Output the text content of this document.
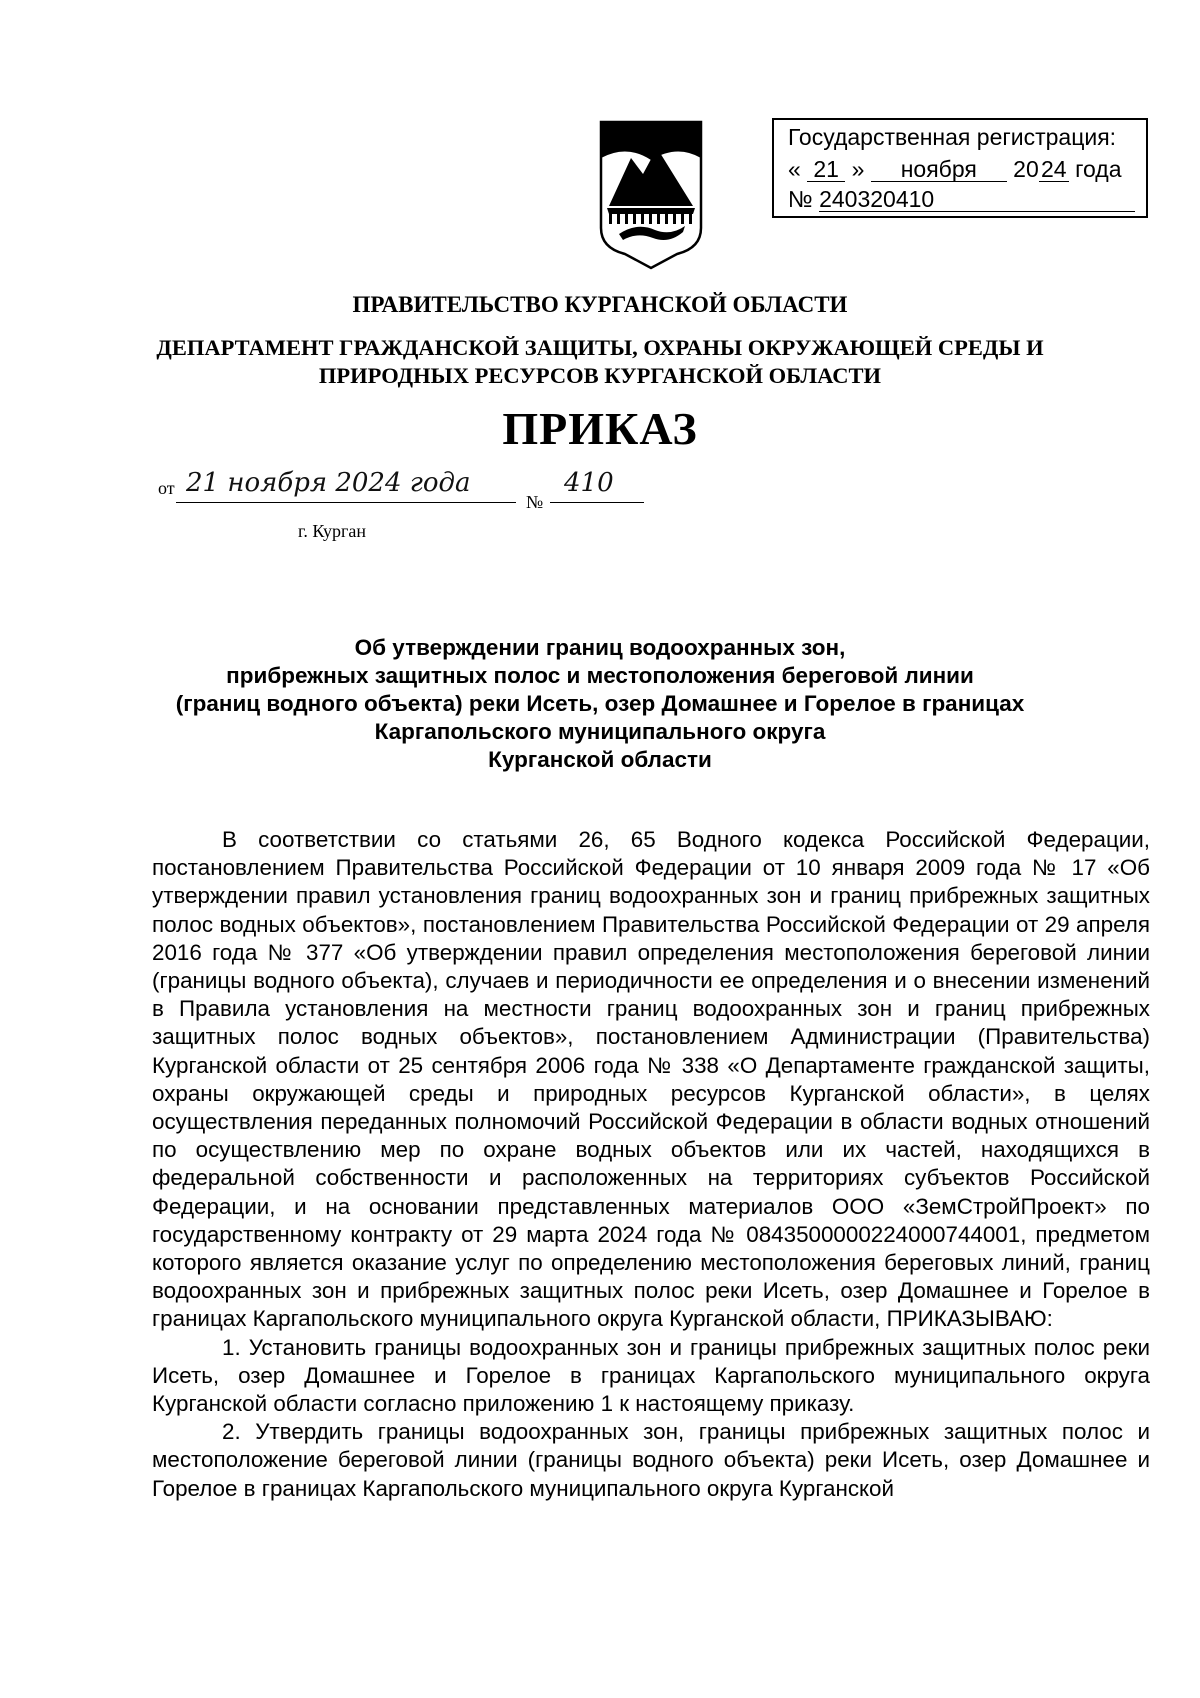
Государственная регистрация:
« 21 » ноября 2024 года
№ 240320410
ПРАВИТЕЛЬСТВО КУРГАНСКОЙ ОБЛАСТИ
ДЕПАРТАМЕНТ ГРАЖДАНСКОЙ ЗАЩИТЫ, ОХРАНЫ ОКРУЖАЮЩЕЙ СРЕДЫ И
ПРИРОДНЫХ РЕСУРСОВ КУРГАНСКОЙ ОБЛАСТИ
ПРИКАЗ
от 21 ноября 2024 года
№
410
г. Курган
Об утверждении границ водоохранных зон,
прибрежных защитных полос и местоположения береговой линии
(границ водного объекта) реки Исеть, озер Домашнее и Горелое в границах
Каргапольского муниципального округа
Курганской области

В соответствии со статьями 26, 65 Водного кодекса Российской Федерации, постановлением Правительства Российской Федерации от 10 января 2009 года № 17 «Об утверждении правил установления границ водоохранных зон и границ прибрежных защитных полос водных объектов», постановлением Правительства Российской Федерации от 29 апреля 2016 года № 377 «Об утверждении правил определения местоположения береговой линии (границы водного объекта), случаев и периодичности ее определения и о внесении изменений в Правила установления на местности границ водоохранных зон и границ прибрежных защитных полос водных объектов», постановлением Администрации (Правительства) Курганской области от 25 сентября 2006 года № 338 «О Департаменте гражданской защиты, охраны окружающей среды и природных ресурсов Курганской области», в целях осуществления переданных полномочий Российской Федерации в области водных отношений по осуществлению мер по охране водных объектов или их частей, находящихся в федеральной собственности и расположенных на территориях субъектов Российской Федерации, и на основании представленных материалов ООО «ЗемСтройПроект» по государственному контракту от 29 марта 2024 года № 0843500000224000744001, предметом которого является оказание услуг по определению местоположения береговых линий, границ водоохранных зон и прибрежных защитных полос реки Исеть, озер Домашнее и Горелое в границах Каргапольского муниципального округа Курганской области, ПРИКАЗЫВАЮ:

1. Установить границы водоохранных зон и границы прибрежных защитных полос реки Исеть, озер Домашнее и Горелое в границах Каргапольского муниципального округа Курганской области согласно приложению 1 к настоящему приказу.

2. Утвердить границы водоохранных зон, границы прибрежных защитных полос и местоположение береговой линии (границы водного объекта) реки Исеть, озер Домашнее и Горелое в границах Каргапольского муниципального округа Курганской
